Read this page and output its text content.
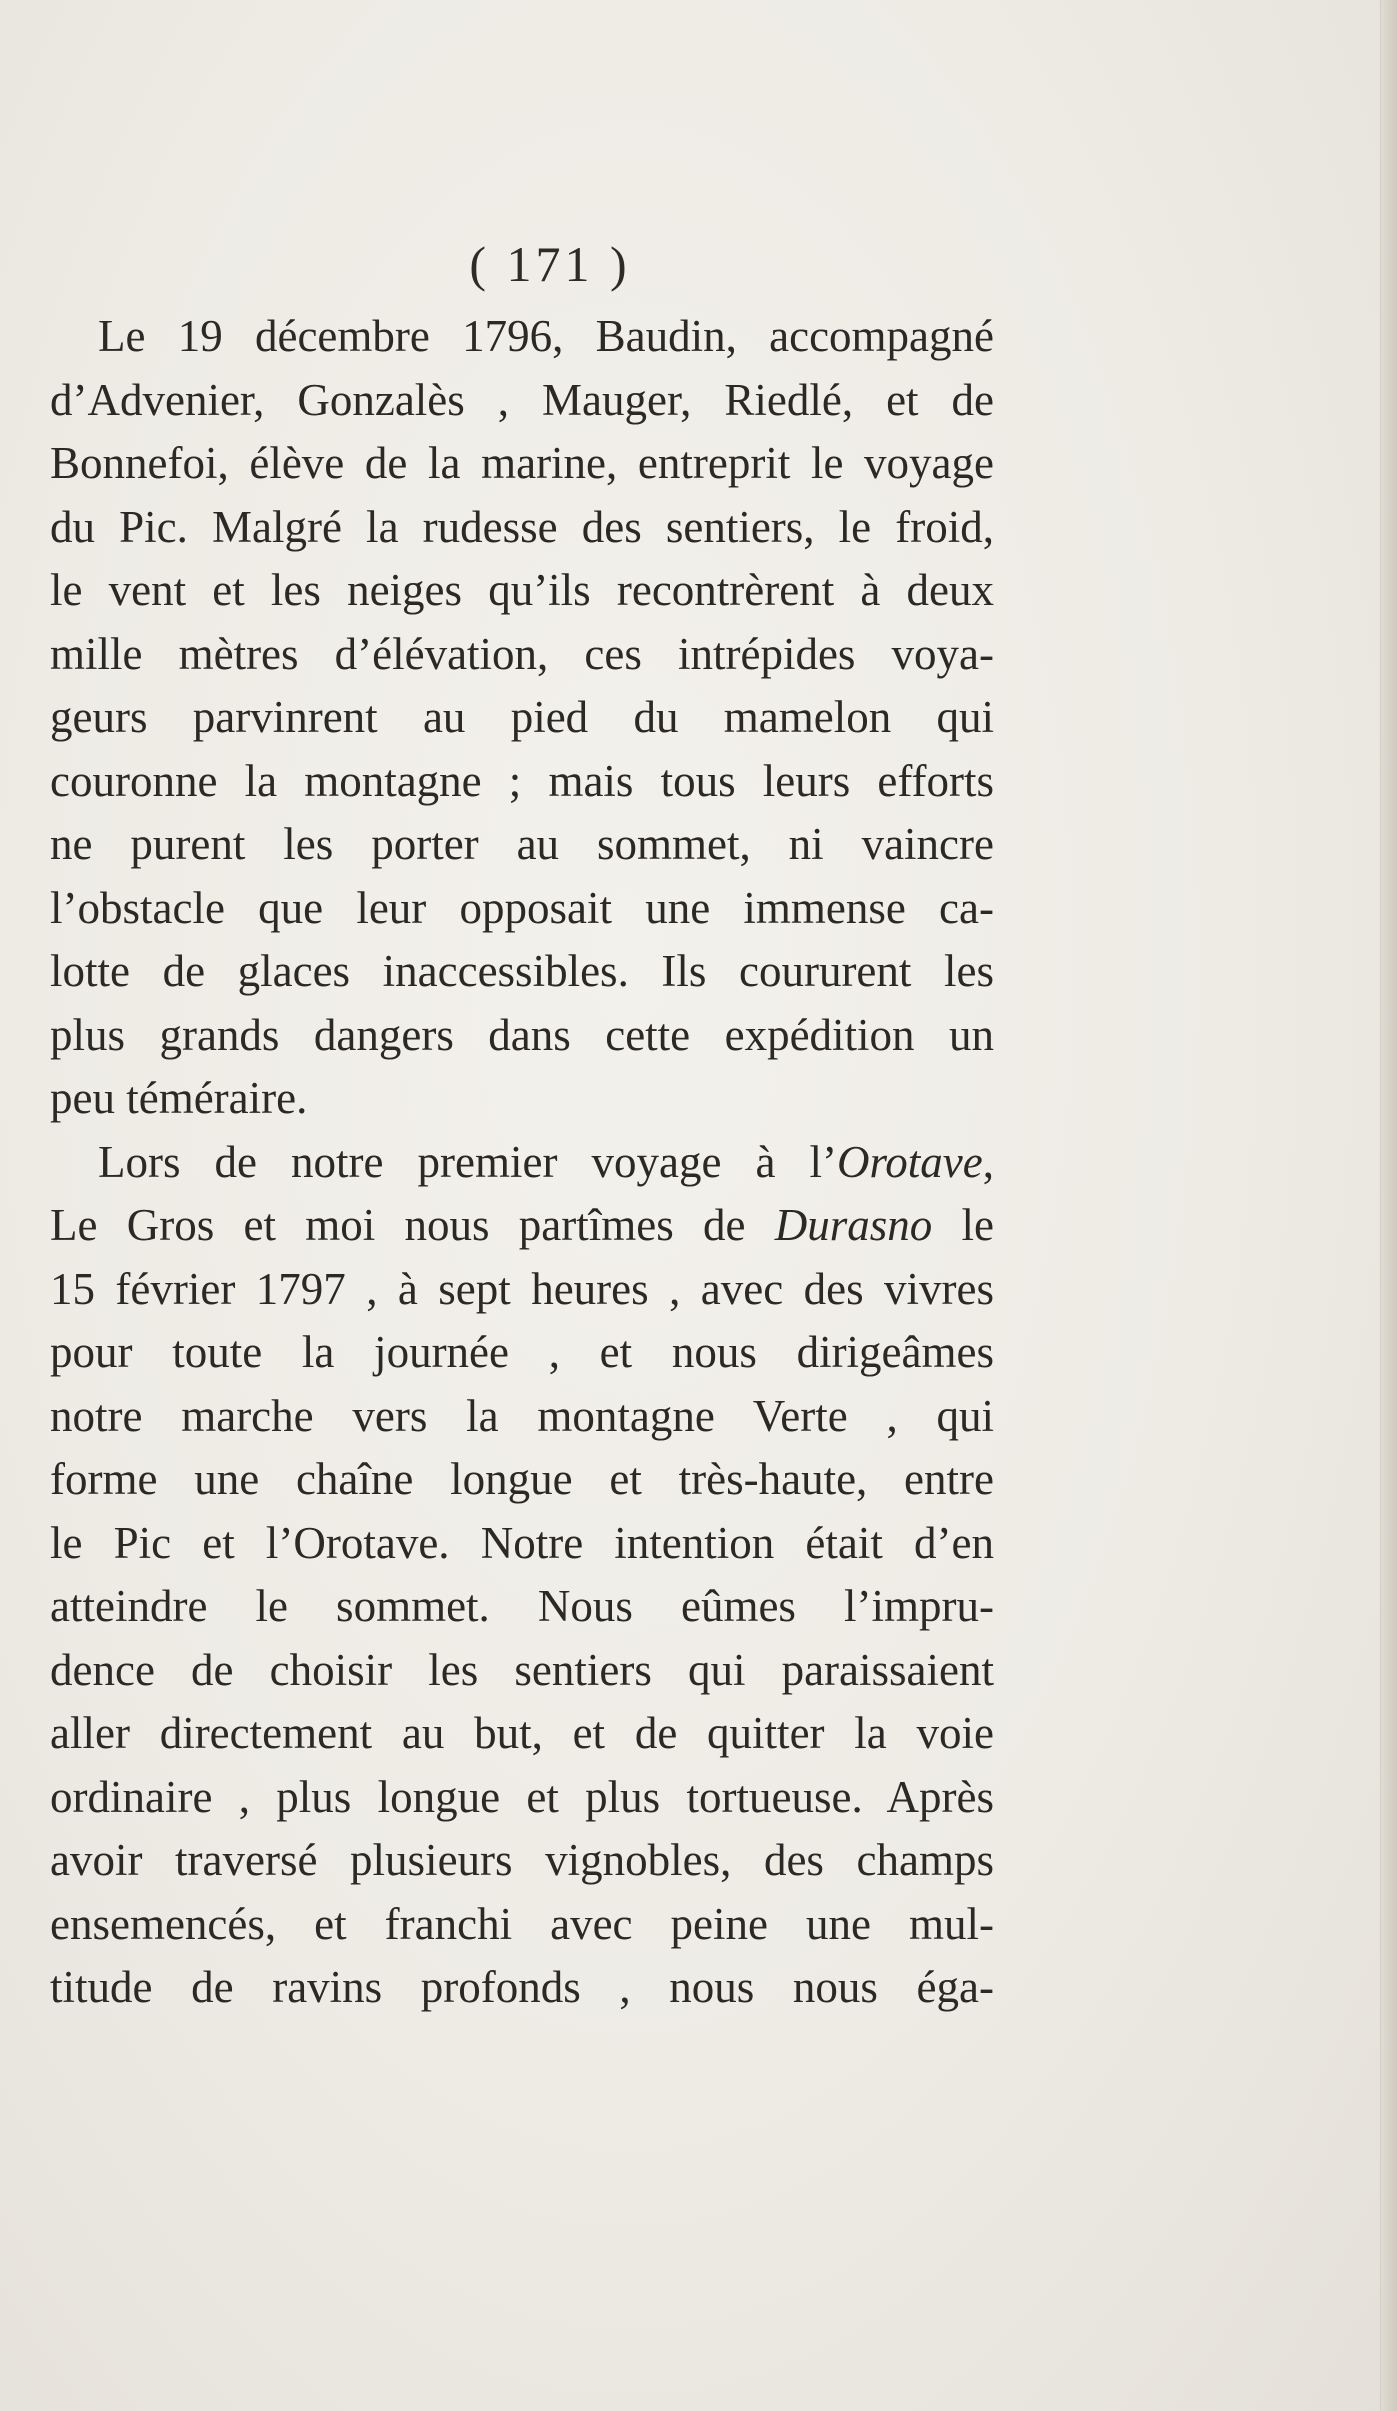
( 171 )
Le 19 décembre 1796, Baudin, accompagné
d’Advenier, Gonzalès , Mauger, Riedlé, et de
Bonnefoi, élève de la marine, entreprit le voyage
du Pic. Malgré la rudesse des sentiers, le froid,
le vent et les neiges qu’ils recontrèrent à deux
mille mètres d’élévation, ces intrépides voya-
geurs parvinrent au pied du mamelon qui
couronne la montagne ; mais tous leurs efforts
ne purent les porter au sommet, ni vaincre
l’obstacle que leur opposait une immense ca-
lotte de glaces inaccessibles. Ils coururent les
plus grands dangers dans cette expédition un
peu téméraire.
Lors de notre premier voyage à l’Orotave,
Le Gros et moi nous partîmes de Durasno le
15 février 1797 , à sept heures , avec des vivres
pour toute la journée , et nous dirigeâmes
notre marche vers la montagne Verte , qui
forme une chaîne longue et très-haute, entre
le Pic et l’Orotave. Notre intention était d’en
atteindre le sommet. Nous eûmes l’impru-
dence de choisir les sentiers qui paraissaient
aller directement au but, et de quitter la voie
ordinaire , plus longue et plus tortueuse. Après
avoir traversé plusieurs vignobles, des champs
ensemencés, et franchi avec peine une mul-
titude de ravins profonds , nous nous éga-
